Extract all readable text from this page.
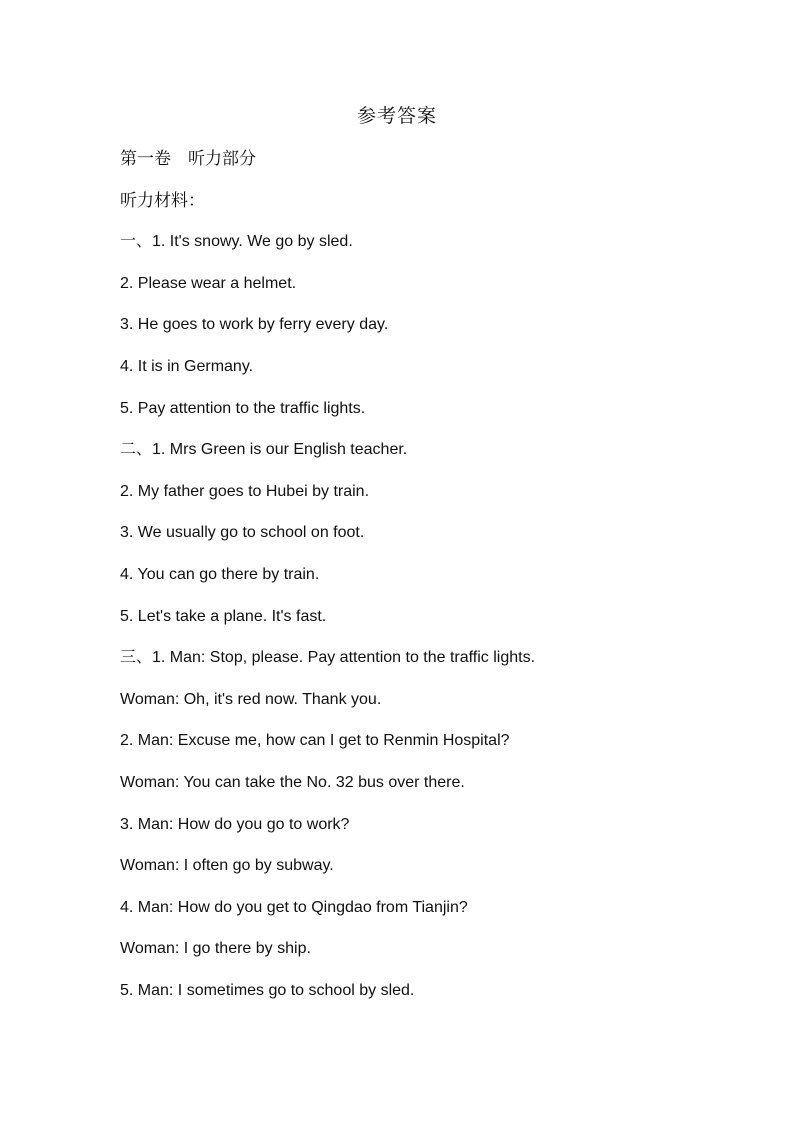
参考答案
第一卷　听力部分
听力材料：
一、1. It's snowy. We go by sled.
2. Please wear a helmet.
3. He goes to work by ferry every day.
4. It is in Germany.
5. Pay attention to the traffic lights.
二、1. Mrs Green is our English teacher.
2. My father goes to Hubei by train.
3. We usually go to school on foot.
4. You can go there by train.
5. Let's take a plane. It's fast.
三、1. Man: Stop, please. Pay attention to the traffic lights.
Woman: Oh, it's red now. Thank you.
2. Man: Excuse me, how can I get to Renmin Hospital?
Woman: You can take the No. 32 bus over there.
3. Man: How do you go to work?
Woman: I often go by subway.
4. Man: How do you get to Qingdao from Tianjin?
Woman: I go there by ship.
5. Man: I sometimes go to school by sled.
